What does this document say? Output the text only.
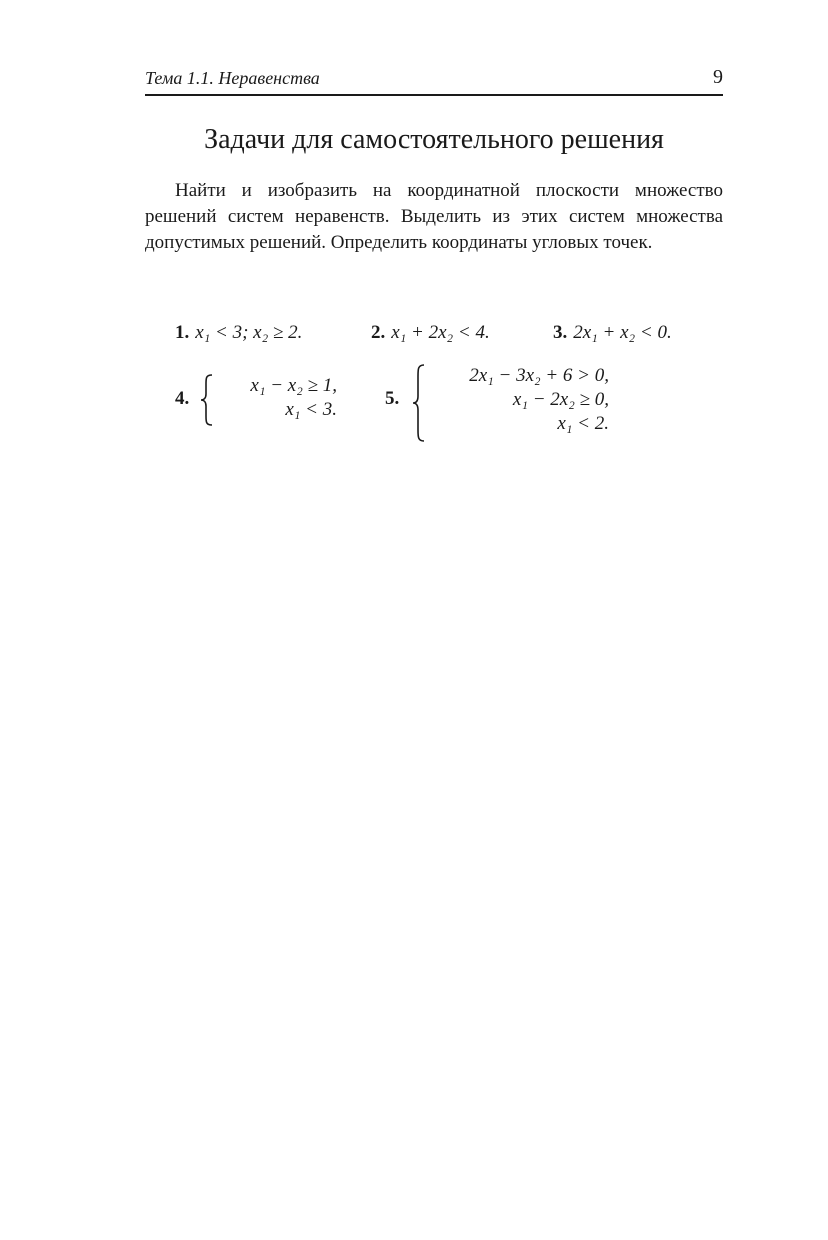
Тема 1.1. Неравенства	9
Задачи для самостоятельного решения

Найти и изобразить на координатной плоскости множество решений систем неравенств. Выделить из этих систем множества допустимых решений. Определить координаты угловых точек.

1. x₁ < 3; x₂ ≥ 2.	2. x₁ + 2x₂ < 4.	3. 2x₁ + x₂ < 0.
4.
x₁ − x₂ ≥ 1,
x₁ < 3.
5.
2x₁ − 3x₂ + 6 > 0,
x₁ − 2x₂ ≥ 0,
x₁ < 2.
